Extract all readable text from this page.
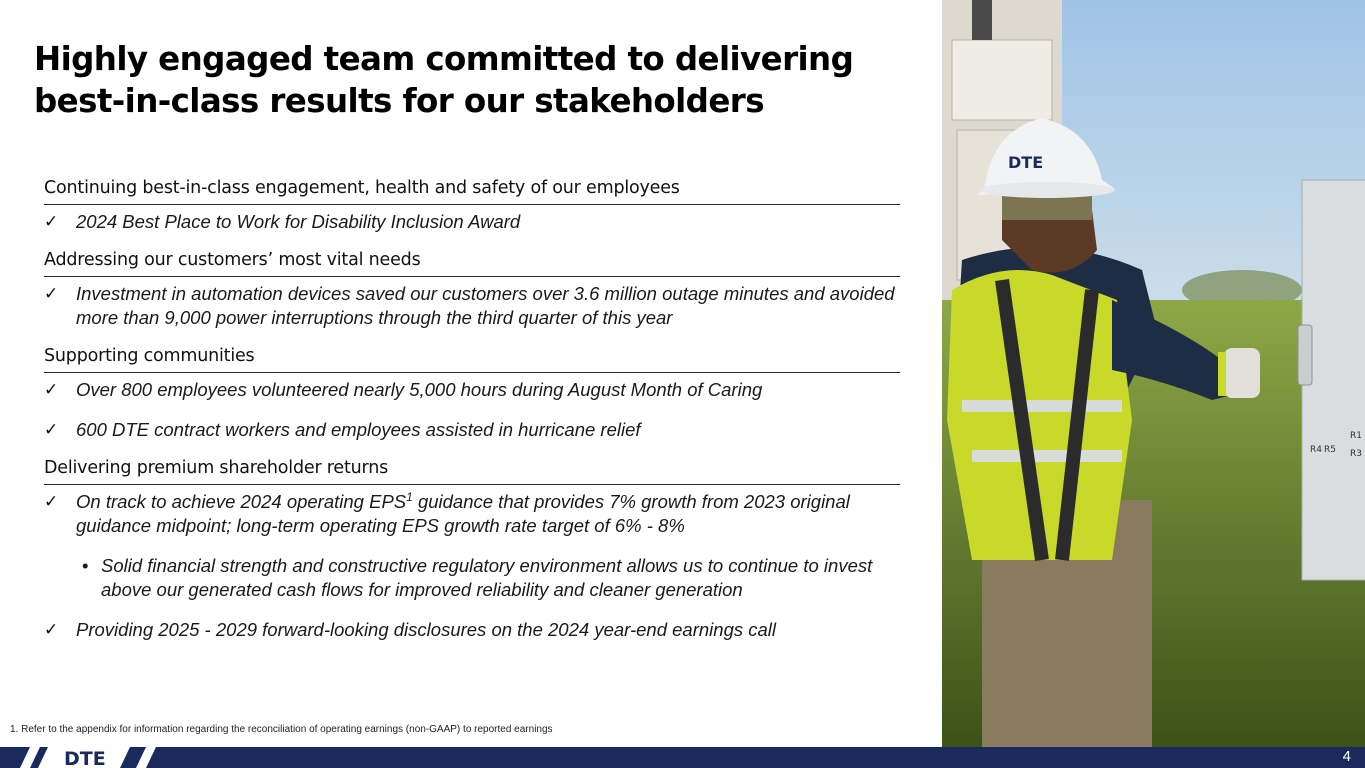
Highly engaged team committed to delivering best-in-class results for our stakeholders
Continuing best-in-class engagement, health and safety of our employees
✓ 2024 Best Place to Work for Disability Inclusion Award
Addressing our customers’ most vital needs
✓ Investment in automation devices saved our customers over 3.6 million outage minutes and avoided more than 9,000 power interruptions through the third quarter of this year
Supporting communities
✓ Over 800 employees volunteered nearly 5,000 hours during August Month of Caring
✓ 600 DTE contract workers and employees assisted in hurricane relief
Delivering premium shareholder returns
✓ On track to achieve 2024 operating EPS$^1$ guidance that provides 7% growth from 2023 original guidance midpoint; long-term operating EPS growth rate target of 6% - 8%
• Solid financial strength and constructive regulatory environment allows us to continue to invest above our generated cash flows for improved reliability and cleaner generation
✓ Providing 2025 - 2029 forward-looking disclosures on the 2024 year-end earnings call
1. Refer to the appendix for information regarding the reconciliation of operating earnings (non-GAAP) to reported earnings
R1
R4 R5 R3
DTE
DTE	4
